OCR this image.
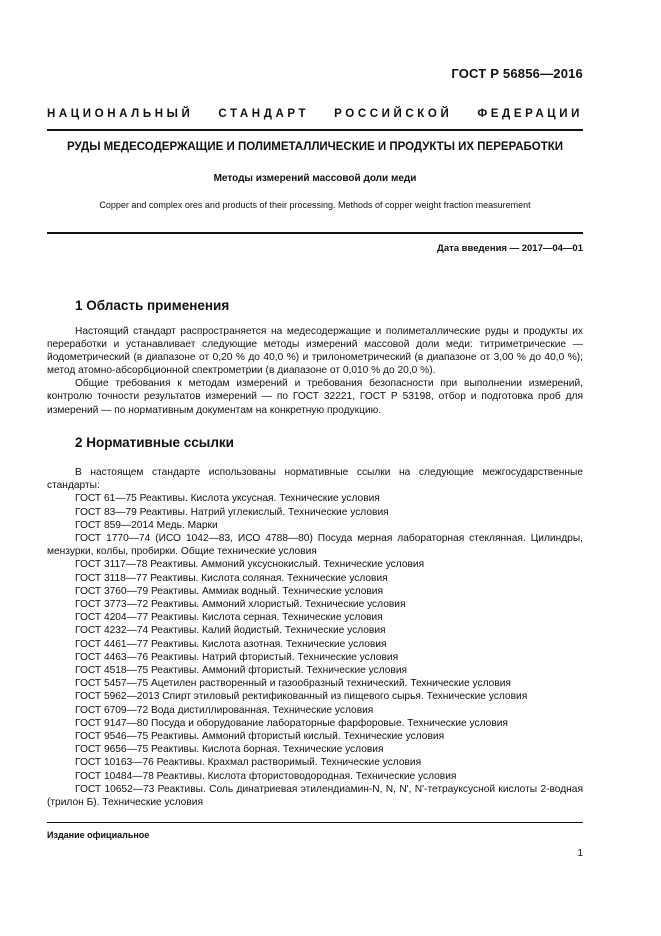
ГОСТ Р 56856—2016
НАЦИОНАЛЬНЫЙ СТАНДАРТ РОССИЙСКОЙ ФЕДЕРАЦИИ
РУДЫ МЕДЕСОДЕРЖАЩИЕ И ПОЛИМЕТАЛЛИЧЕСКИЕ И ПРОДУКТЫ ИХ ПЕРЕРАБОТКИ
Методы измерений массовой доли меди
Copper and complex ores and products of their processing. Methods of copper weight fraction measurement
Дата введения — 2017—04—01
1 Область применения

Настоящий стандарт распространяется на медесодержащие и полиметаллические руды и продукты их переработки и устанавливает следующие методы измерений массовой доли меди: титриметрические — йодометрический (в диапазоне от 0,20 % до 40,0 %) и трилонометрический (в диапазоне от 3,00 % до 40,0 %); метод атомно-абсорбционной спектрометрии (в диапазоне от 0,010 % до 20,0 %).

Общие требования к методам измерений и требования безопасности при выполнении измерений, контролю точности результатов измерений — по ГОСТ 32221, ГОСТ Р 53198, отбор и подготовка проб для измерений — по нормативным документам на конкретную продукцию.

2 Нормативные ссылки

В настоящем стандарте использованы нормативные ссылки на следующие межгосударственные стандарты:

ГОСТ 61—75 Реактивы. Кислота уксусная. Технические условия

ГОСТ 83—79 Реактивы. Натрий углекислый. Технические условия

ГОСТ 859—2014 Медь. Марки

ГОСТ 1770—74 (ИСО 1042—83, ИСО 4788—80) Посуда мерная лабораторная стеклянная. Цилиндры, мензурки, колбы, пробирки. Общие технические условия

ГОСТ 3117—78 Реактивы. Аммоний уксуснокислый. Технические условия

ГОСТ 3118—77 Реактивы. Кислота соляная. Технические условия

ГОСТ 3760—79 Реактивы. Аммиак водный. Технические условия

ГОСТ 3773—72 Реактивы. Аммоний хлористый. Технические условия

ГОСТ 4204—77 Реактивы. Кислота серная. Технические условия

ГОСТ 4232—74 Реактивы. Калий йодистый. Технические условия

ГОСТ 4461—77 Реактивы. Кислота азотная. Технические условия

ГОСТ 4463—76 Реактивы. Натрий фтористый. Технические условия

ГОСТ 4518—75 Реактивы. Аммоний фтористый. Технические условия

ГОСТ 5457—75 Ацетилен растворенный и газообразный технический. Технические условия

ГОСТ 5962—2013 Спирт этиловый ректификованный из пищевого сырья. Технические условия

ГОСТ 6709—72 Вода дистиллированная. Технические условия

ГОСТ 9147—80 Посуда и оборудование лабораторные фарфоровые. Технические условия

ГОСТ 9546—75 Реактивы. Аммоний фтористый кислый. Технические условия

ГОСТ 9656—75 Реактивы. Кислота борная. Технические условия

ГОСТ 10163—76 Реактивы. Крахмал растворимый. Технические условия

ГОСТ 10484—78 Реактивы. Кислота фтористоводородная. Технические условия

ГОСТ 10652—73 Реактивы. Соль динатриевая этилендиамин-N, N, N', N'-тетрауксусной кислоты 2-водная (трилон Б). Технические условия

Издание официальное
1
